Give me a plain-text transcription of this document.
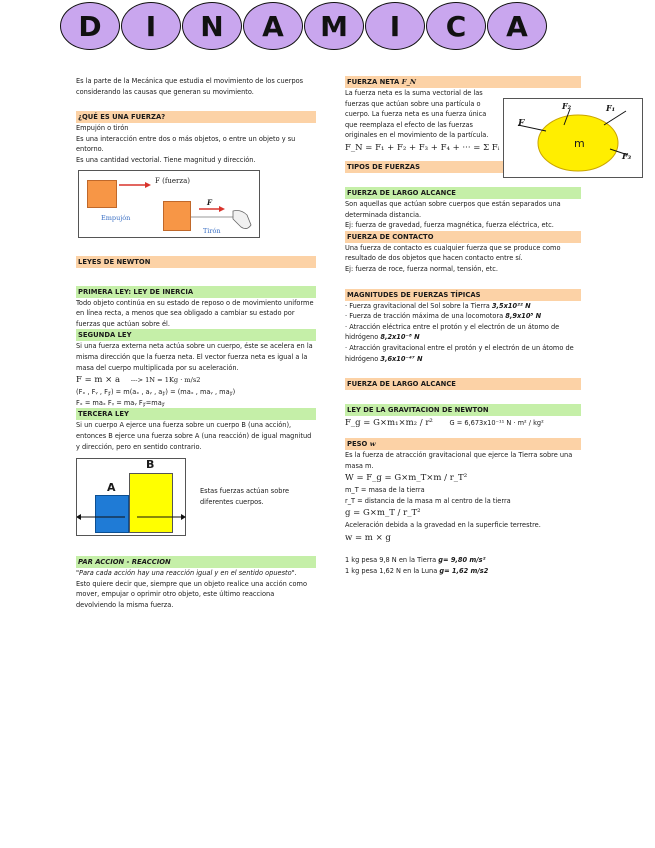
D	I	N	A	M	I	C	A
Es la parte de la Mecánica que estudia el movimiento de los cuerpos considerando las causas que generan su movimiento.
¿QUÉ ES UNA FUERZA?
Empujón o tirón
Es una interacción entre dos o más objetos, o entre un objeto y su entorno.
Es una cantidad vectorial. Tiene magnitud y dirección.
F (fuerza)
Empujón
F
Tirón
LEYES DE NEWTON
PRIMERA LEY: LEY DE INERCIA
Todo objeto continúa en su estado de reposo o de movimiento uniforme en línea recta, a menos que sea obligado a cambiar su estado por fuerzas que actúan sobre él.
SEGUNDA LEY
Si una fuerza externa neta actúa sobre un cuerpo, éste se acelera en la misma dirección que la fuerza neta. El vector fuerza neta es igual a la masa del cuerpo multiplicada por su aceleración.
F = m × a ---> 1N = 1Kg · m/s2
(Fₓ , Fᵧ , F𝓏) = m(aₓ , aᵧ , a𝓏) = (maₓ , maᵧ , ma𝓏)
Fₓ = maₓ Fᵧ = maᵧ F𝓏=ma𝓏
TERCERA LEY
Si un cuerpo A ejerce una fuerza sobre un cuerpo B (una acción), entonces B ejerce una fuerza sobre A (una reacción) de igual magnitud y dirección, pero en sentido contrario.
A
B
Estas fuerzas actúan sobre diferentes cuerpos.
PAR ACCION - REACCION
"Para cada acción hay una reacción igual y en el sentido opuesto".
Esto quiere decir que, siempre que un objeto realice una acción como mover, empujar o oprimir otro objeto, este último reacciona devolviendo la misma fuerza.
FUERZA NETA F_N
La fuerza neta es la suma vectorial de las fuerzas que actúan sobre una partícula o cuerpo. La fuerza neta es una fuerza única que reemplaza el efecto de las fuerzas originales en el movimiento de la partícula.
F_N = F₁ + F₂ + F₃ + F₄ + ··· = Σ Fᵢ
TIPOS DE FUERZAS
FUERZA DE LARGO ALCANCE
Son aquellas que actúan sobre cuerpos que están separados una determinada distancia.
Ej: fuerza de gravedad, fuerza magnética, fuerza eléctrica, etc.
FUERZA DE CONTACTO
Una fuerza de contacto es cualquier fuerza que se produce como resultado de dos objetos que hacen contacto entre sí.
Ej: fuerza de roce, fuerza normal, tensión, etc.
MAGNITUDES DE FUERZAS TÍPICAS
· Fuerza gravitacional del Sol sobre la Tierra 3,5x10²² N
· Fuerza de tracción máxima de una locomotora 8,9x10⁵ N
· Atracción eléctrica entre el protón y el electrón de un átomo de hidrógeno 8,2x10⁻⁸ N
· Atracción gravitacional entre el protón y el electrón de un átomo de hidrógeno 3,6x10⁻⁴⁷ N
FUERZA DE LARGO ALCANCE
LEY DE LA GRAVITACION DE NEWTON
F_g = G×m₁×m₂ / r²	G = 6,673x10⁻¹¹ N · m² / kg²
PESO w
Es la fuerza de atracción gravitacional que ejerce la Tierra sobre una masa m.
W = F_g = G×m_T×m / r_T²
m_T = masa de la tierra
r_T = distancia de la masa m al centro de la tierra
g = G×m_T / r_T²
Aceleración debida a la gravedad en la superficie terrestre.
w = m × g
1 kg pesa 9,8 N en la Tierra g= 9,80 m/s²
1 kg pesa 1,62 N en la Luna g= 1,62 m/s2
m
F
F₂	F₁
F₃
